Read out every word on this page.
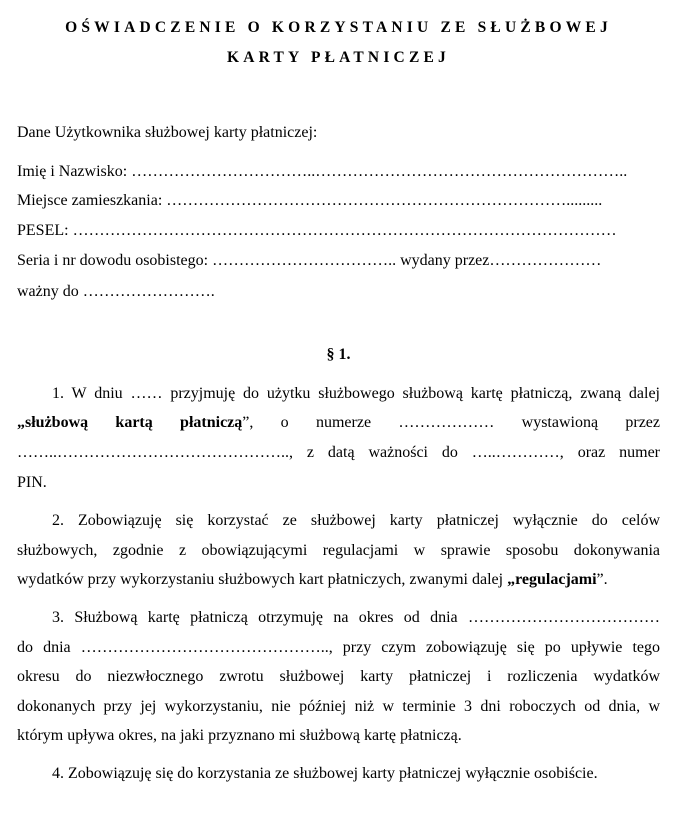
OŚWIADCZENIE O KORZYSTANIU ZE SŁUŻBOWEJ
KARTY PŁATNICZEJ
Dane Użytkownika służbowej karty płatniczej:
Imię i Nazwisko: ……………………………..…………………………………………………..
Miejsce zamieszkania: ………………………………………………………………….........
PESEL: …………………………………………………………………………………………
Seria i nr dowodu osobistego: …………………………….. wydany przez…………………
ważny do …………………….
§ 1.
1. W dniu …… przyjmuję do użytku służbowego służbową kartę płatniczą, zwaną dalej
„służbową kartą płatniczą”, o numerze ……………… wystawioną przez
……..…………………………………….., z datą ważności do …..…………, oraz numer
PIN.
2. Zobowiązuję się korzystać ze służbowej karty płatniczej wyłącznie do celów
służbowych, zgodnie z obowiązującymi regulacjami w sprawie sposobu dokonywania
wydatków przy wykorzystaniu służbowych kart płatniczych, zwanymi dalej „regulacjami”.
3. Służbową kartę płatniczą otrzymuję na okres od dnia ………………………………
do dnia ……………………………………….., przy czym zobowiązuję się po upływie tego
okresu do niezwłocznego zwrotu służbowej karty płatniczej i rozliczenia wydatków
dokonanych przy jej wykorzystaniu, nie później niż w terminie 3 dni roboczych od dnia, w
którym upływa okres, na jaki przyznano mi służbową kartę płatniczą.
4. Zobowiązuję się do korzystania ze służbowej karty płatniczej wyłącznie osobiście.
